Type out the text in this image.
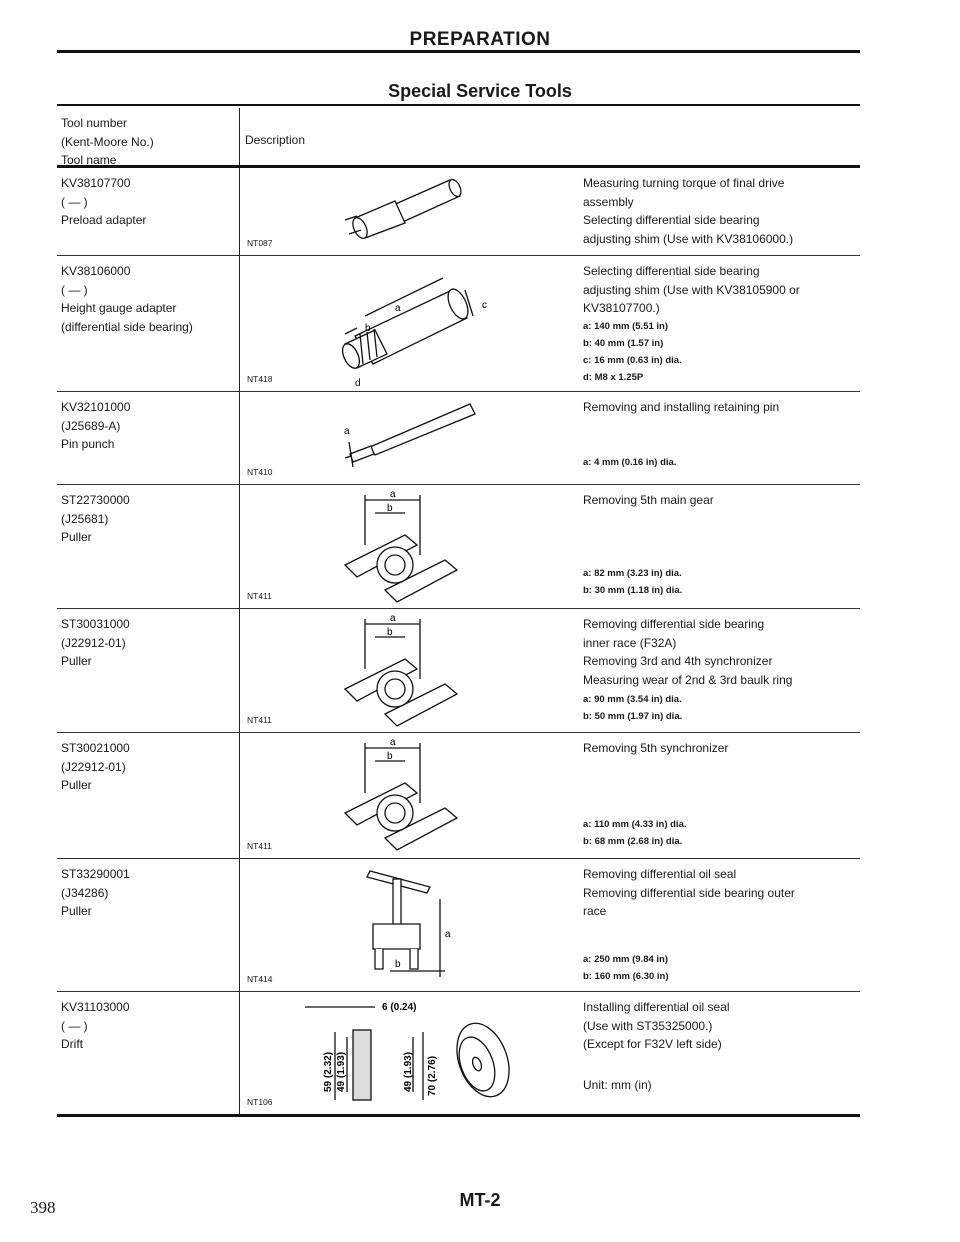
PREPARATION
Special Service Tools
Tool number
(Kent-Moore No.)
Tool name
Description
KV38107700
( — )
Preload adapter
NT087
Measuring turning torque of final drive
assembly
Selecting differential side bearing
adjusting shim (Use with KV38106000.)
KV38106000
( — )
Height gauge adapter
(differential side bearing)
a
b
c
d
NT418
Selecting differential side bearing
adjusting shim (Use with KV38105900 or
KV38107700.)
a: 140 mm (5.51 in)
b: 40 mm (1.57 in)
c: 16 mm (0.63 in) dia.
d: M8 x 1.25P
KV32101000
(J25689-A)
Pin punch
a
NT410
Removing and installing retaining pin
a: 4 mm (0.16 in) dia.
ST22730000
(J25681)
Puller
a
b
NT411
Removing 5th main gear
a: 82 mm (3.23 in) dia.
b: 30 mm (1.18 in) dia.
ST30031000
(J22912-01)
Puller
a
b
NT411
Removing differential side bearing
inner race (F32A)
Removing 3rd and 4th synchronizer
Measuring wear of 2nd & 3rd baulk ring
a: 90 mm (3.54 in) dia.
b: 50 mm (1.97 in) dia.
ST30021000
(J22912-01)
Puller
a
b
NT411
Removing 5th synchronizer
a: 110 mm (4.33 in) dia.
b: 68 mm (2.68 in) dia.
ST33290001
(J34286)
Puller
a
b
NT414
Removing differential oil seal
Removing differential side bearing outer
race
a: 250 mm (9.84 in)
b: 160 mm (6.30 in)
KV31103000
( — )
Drift
6 (0.24)
59 (2.32) 49 (1.93)	49 (1.93) 70 (2.76)
NT106
Installing differential oil seal
(Use with ST35325000.)
(Except for F32V left side)
Unit: mm (in)
398	MT-2
